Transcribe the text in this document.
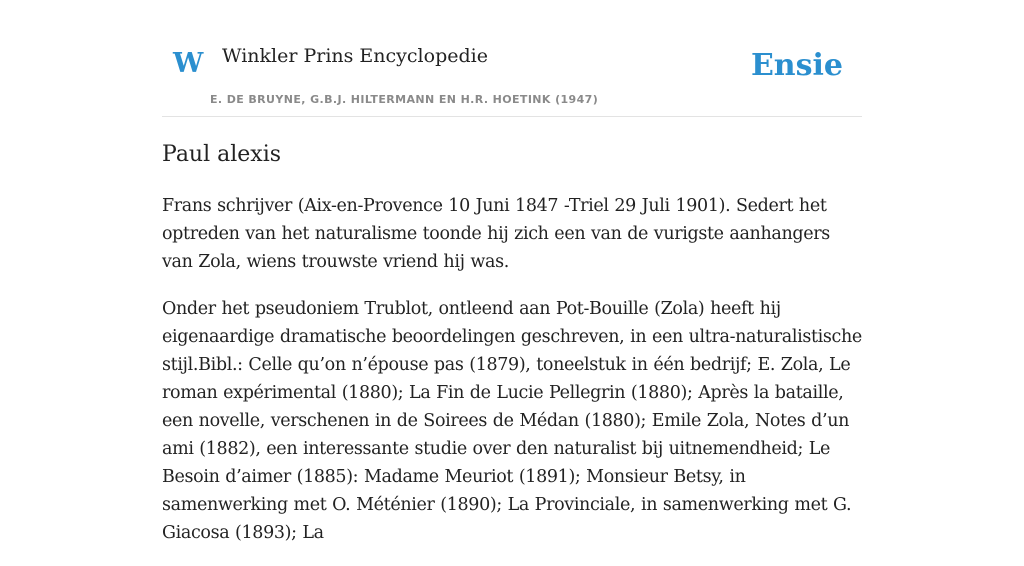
W Winkler Prins Encyclopedie
E. DE BRUYNE, G.B.J. HILTERMANN EN H.R. HOETINK (1947)
Ensie
Paul alexis

Frans schrijver (Aix-en-Provence 10 Juni 1847 -Triel 29 Juli 1901). Sedert het optreden van het naturalisme toonde hij zich een van de vurigste aanhangers van Zola, wiens trouwste vriend hij was.

Onder het pseudoniem Trublot, ontleend aan Pot-Bouille (Zola) heeft hij eigenaardige dramatische beoordelingen geschreven, in een ultra-naturalistische stijl.Bibl.: Celle qu’on n’épouse pas (1879), toneelstuk in één bedrijf; E. Zola, Le roman expérimental (1880); La Fin de Lucie Pellegrin (1880); Après la bataille, een novelle, verschenen in de Soirees de Médan (1880); Emile Zola, Notes d’un ami (1882), een interessante studie over den naturalist bij uitnemendheid; Le Besoin d’aimer (1885): Madame Meuriot (1891); Monsieur Betsy, in samenwerking met O. Méténier (1890); La Provinciale, in samenwerking met G. Giacosa (1893); La
